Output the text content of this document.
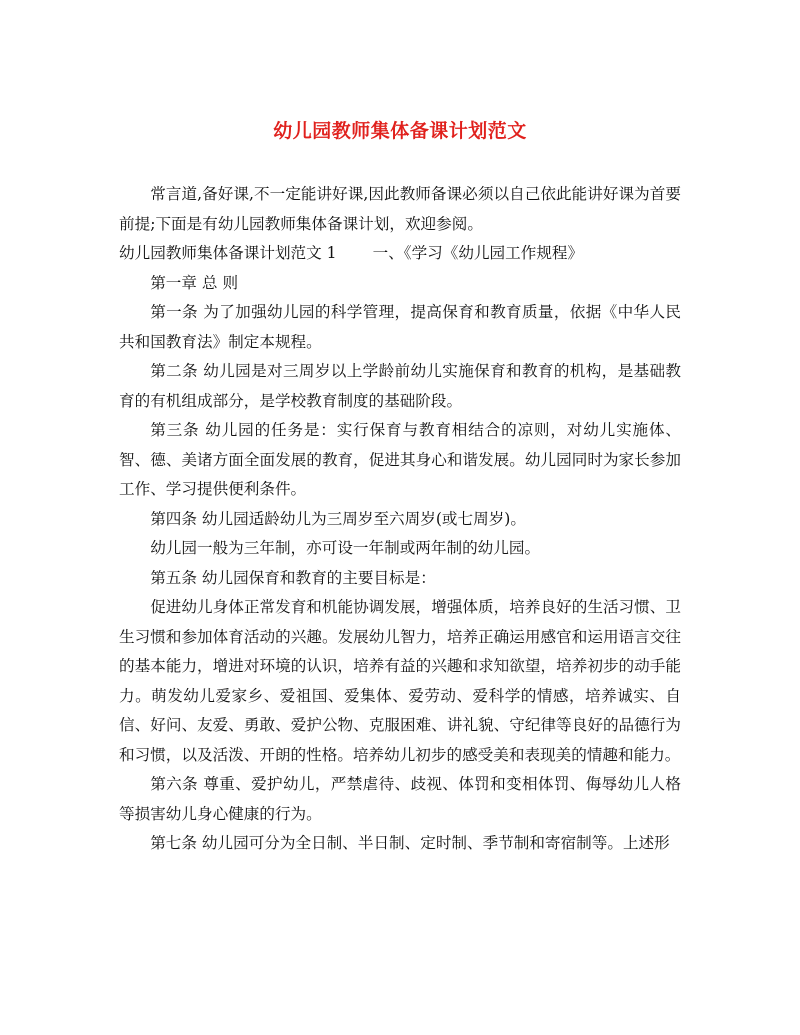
幼儿园教师集体备课计划范文

常言道,备好课,不一定能讲好课,因此教师备课必须以自己依此能讲好课为首要前提;下面是有幼儿园教师集体备课计划，欢迎参阅。

幼儿园教师集体备课计划范文 1 一、《学习《幼儿园工作规程》

第一章 总 则

第一条 为了加强幼儿园的科学管理，提高保育和教育质量，依据《中华人民共和国教育法》制定本规程。

第二条 幼儿园是对三周岁以上学龄前幼儿实施保育和教育的机构，是基础教育的有机组成部分，是学校教育制度的基础阶段。

第三条 幼儿园的任务是：实行保育与教育相结合的凉则，对幼儿实施体、智、德、美诸方面全面发展的教育，促进其身心和谐发展。幼儿园同时为家长参加工作、学习提供便利条件。

第四条 幼儿园适龄幼儿为三周岁至六周岁(或七周岁)。

幼儿园一般为三年制，亦可设一年制或两年制的幼儿园。

第五条 幼儿园保育和教育的主要目标是：

促进幼儿身体正常发育和机能协调发展，增强体质，培养良好的生活习惯、卫生习惯和参加体育活动的兴趣。发展幼儿智力，培养正确运用感官和运用语言交往的基本能力，增进对环境的认识，培养有益的兴趣和求知欲望，培养初步的动手能力。萌发幼儿爱家乡、爱祖国、爱集体、爱劳动、爱科学的情感，培养诚实、自信、好问、友爱、勇敢、爱护公物、克服困难、讲礼貌、守纪律等良好的品德行为和习惯，以及活泼、开朗的性格。培养幼儿初步的感受美和表现美的情趣和能力。

第六条 尊重、爱护幼儿，严禁虐待、歧视、体罚和变相体罚、侮辱幼儿人格等损害幼儿身心健康的行为。

第七条 幼儿园可分为全日制、半日制、定时制、季节制和寄宿制等。上述形
